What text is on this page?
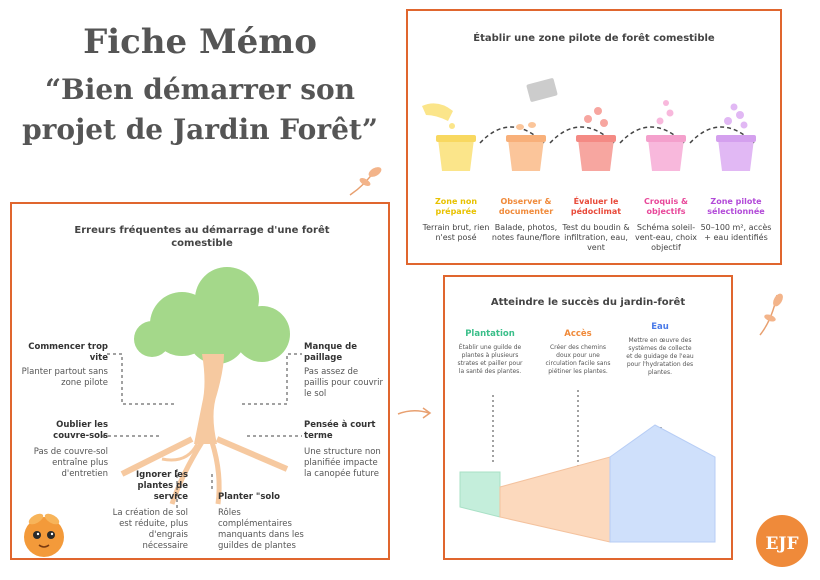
Fiche Mémo
“Bien démarrer son
projet de Jardin Forêt”
Établir une zone pilote de forêt comestible
Zone non préparée
Observer & documenter
Évaluer le pédoclimat
Croquis & objectifs
Zone pilote sélectionnée
Terrain brut, rien n'est posé
Balade, photos, notes faune/flore
Test du boudin & infiltration, eau, vent
Schéma soleil-vent-eau, choix objectif
50–100 m², accès + eau identifiés
Erreurs fréquentes au démarrage d'une forêt comestible
Commencer trop vite
Planter partout sans zone pilote
Oublier les couvre-sols
Pas de couvre-sol entraîne plus d'entretien	Ignorer les plantes de service
La création de sol est réduite, plus d'engrais nécessaire
Planter "solo
Rôles complémentaires manquants dans les guildes de plantes
Manque de paillage
Pas assez de paillis pour couvrir le sol
Pensée à court terme
Une structure non planifiée impacte la canopée future
Atteindre le succès du jardin-forêt
Plantation	Accès
Eau
Établir une guilde de plantes à plusieurs strates et pailler pour la santé des plantes.
Créer des chemins doux pour une circulation facile sans piétiner les plantes.
Mettre en œuvre des systèmes de collecte et de guidage de l'eau pour l'hydratation des plantes.
EJF
